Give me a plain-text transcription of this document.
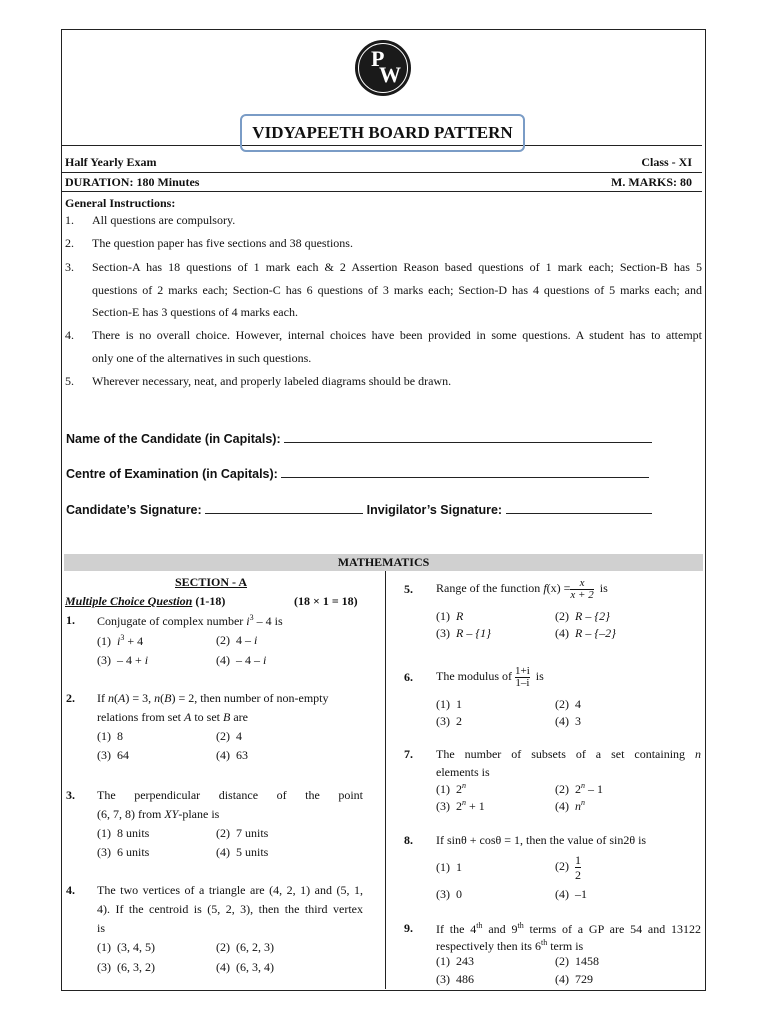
P
W
VIDYAPEETH BOARD PATTERN
Half Yearly Exam	Class - XI
DURATION: 180 Minutes	M. MARKS: 80
General Instructions:
1. All questions are compulsory.
2. The question paper has five sections and 38 questions.
3. Section-A has 18 questions of 1 mark each & 2 Assertion Reason based questions of 1 mark each; Section-B has 5
questions of 2 marks each; Section-C has 6 questions of 3 marks each; Section-D has 4 questions of 5 marks each; and
Section-E has 3 questions of 4 marks each.
4. There is no overall choice. However, internal choices have been provided in some questions. A student has to attempt
only one of the alternatives in such questions.
5. Wherever necessary, neat, and properly labeled diagrams should be drawn.
Name of the Candidate (in Capitals):
Centre of Examination (in Capitals):
Candidate’s Signature:	Invigilator’s Signature:
MATHEMATICS
SECTION - A
Multiple Choice Question (1-18)	(18 × 1 = 18)
1. Conjugate of complex number $i^3 - 4$ is
(1) $i^3 + 4$	(2) 4 – i
(3) – 4 + i	(4) – 4 – i
2. If n(A) = 3, n(B) = 2, then number of non-empty
relations from set A to set B are
(1) 8	(2) 4
(3) 64	(4) 63
3. The perpendicular distance of the point
(6, 7, 8) from XY-plane is
(1) 8 units	(2) 7 units
(3) 6 units	(4) 5 units
4. The two vertices of a triangle are (4, 2, 1) and (5, 1,
4). If the centroid is (5, 2, 3), then the third vertex
is
(1) (3, 4, 5)	(2) (6, 2, 3)
(3) (6, 3, 2)	(4) (6, 3, 4)
5. Range of the function $f(x) = \frac{x}{x + 2}$ is
(1) R	(2) R – {2}
(3) R – {1}	(4) R – {–2}
6. The modulus of $\frac{1+i}{1-i}$ is
(1) 1	(2) 4
(3) 2	(4) 3
7. The number of subsets of a set containing n
elements is
(1) 2$^n$	(2) 2$^n$ – 1
(3) $2^n + 1$	(4) $n^n$
8. If sinθ + cosθ = 1, then the value of sin2θ is
(1) 1	$(2) \frac{1}{2}$
(3) 0	(4) –1
9. If the 4th and 9th terms of a GP are 54 and 13122
respectively then its 6th term is
(1) 243	(2) 1458
(3) 486	(4) 729
